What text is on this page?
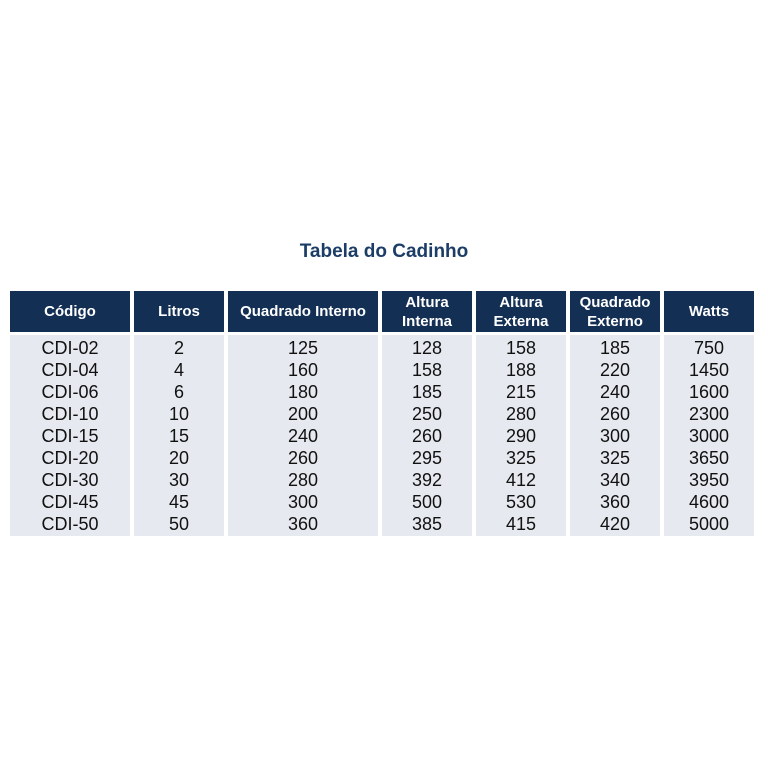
Tabela do Cadinho
Código
CDI-02
CDI-04
CDI-06
CDI-10
CDI-15
CDI-20
CDI-30
CDI-45
CDI-50
Litros
2
4
6
10
15
20
30
45
50
Quadrado Interno
125
160
180
200
240
260
280
300
360
Altura Interna
128
158
185
250
260
295
392
500
385
Altura Externa
158
188
215
280
290
325
412
530
415
Quadrado Externo
185
220
240
260
300
325
340
360
420
Watts
750
1450
1600
2300
3000
3650
3950
4600
5000
